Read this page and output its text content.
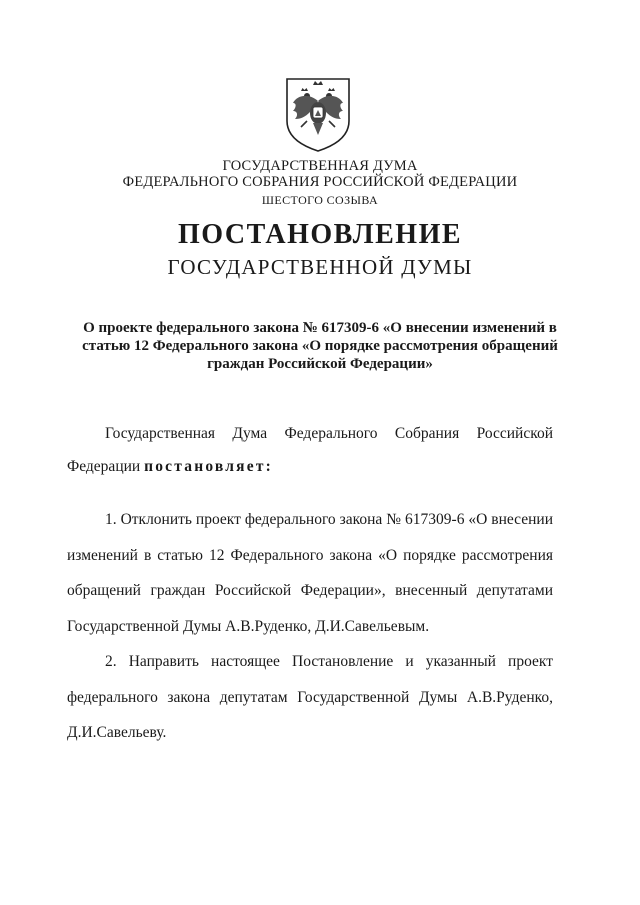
ГОСУДАРСТВЕННАЯ ДУМА
ФЕДЕРАЛЬНОГО СОБРАНИЯ РОССИЙСКОЙ ФЕДЕРАЦИИ
ШЕСТОГО СОЗЫВА
ПОСТАНОВЛЕНИЕ
ГОСУДАРСТВЕННОЙ ДУМЫ
О проекте федерального закона № 617309-6 «О внесении изменений в
статью 12 Федерального закона «О порядке рассмотрения обращений
граждан Российской Федерации»
Государственная Дума Федерального Собрания Российской
Федерации постановляет:
1. Отклонить проект федерального закона № 617309-6 «О внесении
изменений в статью 12 Федерального закона «О порядке рассмотрения
обращений граждан Российской Федерации», внесенный депутатами
Государственной Думы А.В.Руденко, Д.И.Савельевым.
2. Направить настоящее Постановление и указанный проект
федерального закона депутатам Государственной Думы А.В.Руденко,
Д.И.Савельеву.
